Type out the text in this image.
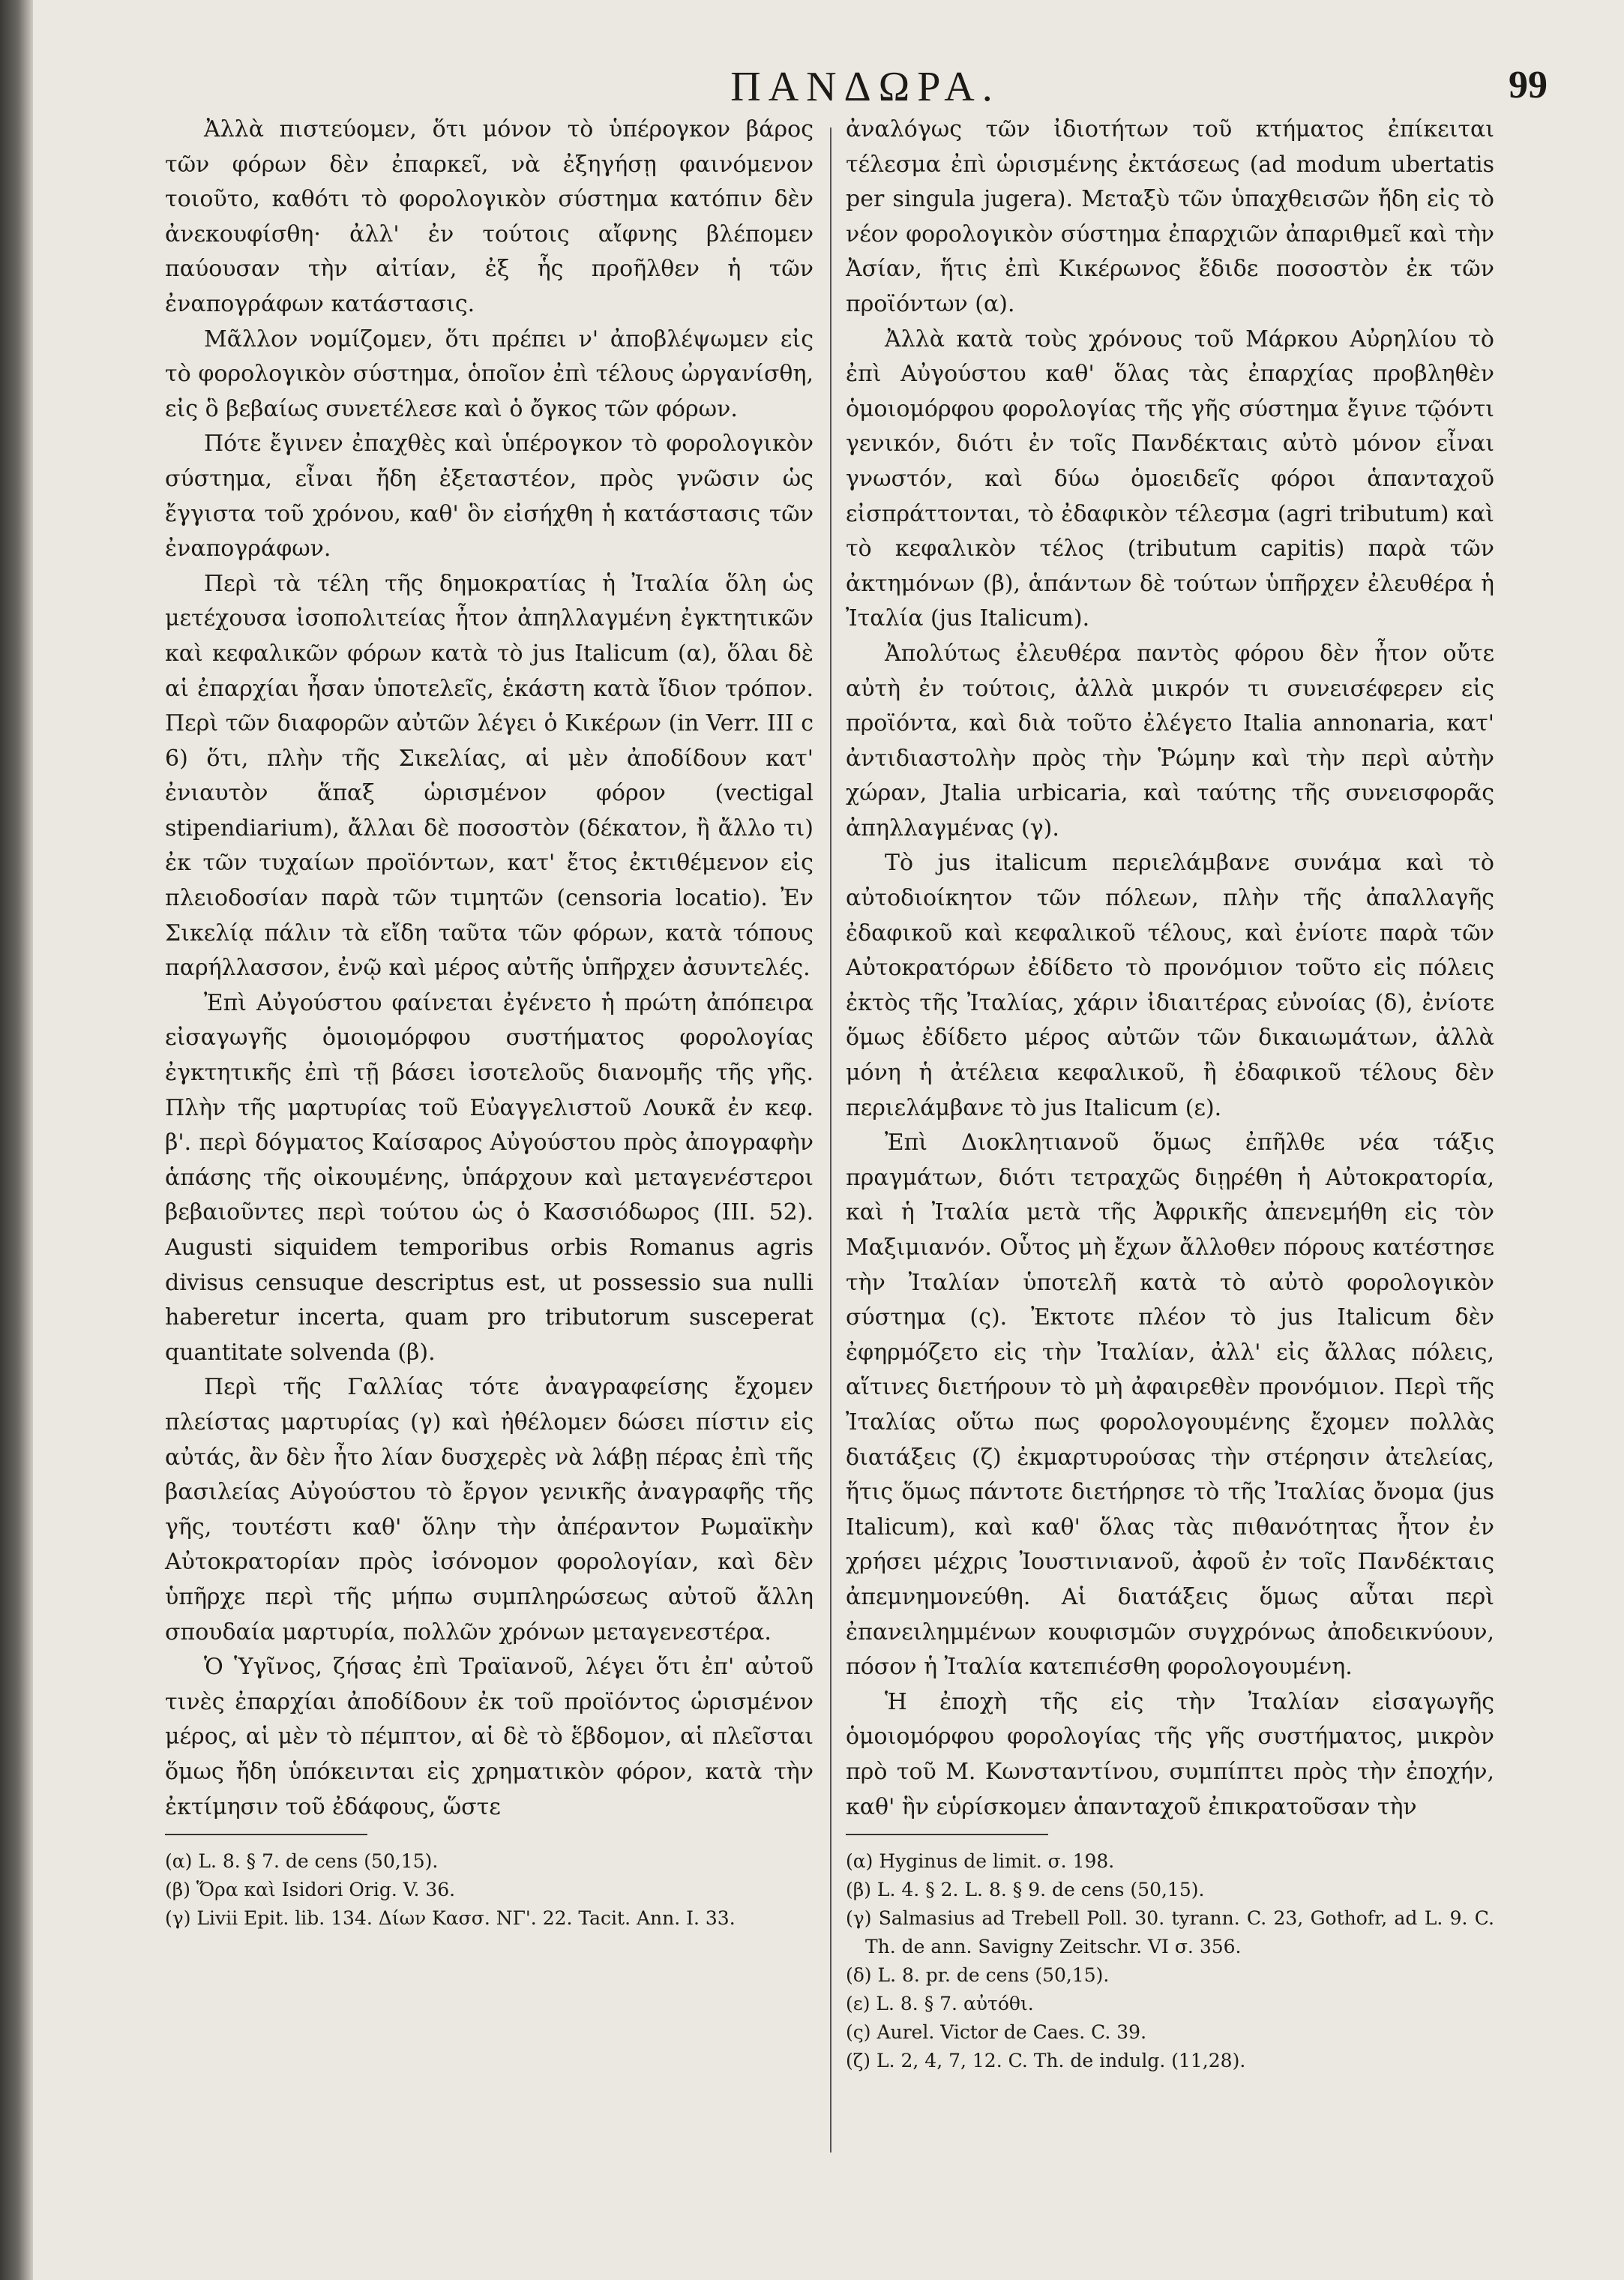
ΠΑΝΔΩΡΑ.	99

Ἀλλὰ πιστεύομεν, ὅτι μόνον τὸ ὑπέρογκον βάρος τῶν φόρων δὲν ἐπαρκεῖ, νὰ ἐξηγήσῃ φαινόμενον τοιοῦτο, καθότι τὸ φορολογικὸν σύστημα κατόπιν δὲν ἀνεκουφίσθη· ἀλλ' ἐν τούτοις αἴφνης βλέπομεν παύουσαν τὴν αἰτίαν, ἐξ ἧς προῆλθεν ἡ τῶν ἐναπογράφων κατάστασις.

Μᾶλλον νομίζομεν, ὅτι πρέπει ν' ἀποβλέψωμεν εἰς τὸ φορολογικὸν σύστημα, ὁποῖον ἐπὶ τέλους ὠργανίσθη, εἰς ὃ βεβαίως συνετέλεσε καὶ ὁ ὄγκος τῶν φόρων.

Πότε ἔγινεν ἐπαχθὲς καὶ ὑπέρογκον τὸ φορολογικὸν σύστημα, εἶναι ἤδη ἐξεταστέον, πρὸς γνῶσιν ὡς ἔγγιστα τοῦ χρόνου, καθ' ὃν εἰσήχθη ἡ κατάστασις τῶν ἐναπογράφων.

Περὶ τὰ τέλη τῆς δημοκρατίας ἡ Ἰταλία ὅλη ὡς μετέχουσα ἰσοπολιτείας ἦτον ἀπηλλαγμένη ἐγκτητικῶν καὶ κεφαλικῶν φόρων κατὰ τὸ jus Italicum (α), ὅλαι δὲ αἱ ἐπαρχίαι ἦσαν ὑποτελεῖς, ἑκάστη κατὰ ἴδιον τρόπον. Περὶ τῶν διαφορῶν αὐτῶν λέγει ὁ Κικέρων (in Verr. III c 6) ὅτι, πλὴν τῆς Σικελίας, αἱ μὲν ἀποδίδουν κατ' ἐνιαυτὸν ἅπαξ ὡρισμένον φόρον (vectigal stipendiarium), ἄλλαι δὲ ποσοστὸν (δέκατον, ἢ ἄλλο τι) ἐκ τῶν τυχαίων προϊόντων, κατ' ἔτος ἐκτιθέμενον εἰς πλειοδοσίαν παρὰ τῶν τιμητῶν (censoria locatio). Ἐν Σικελίᾳ πάλιν τὰ εἴδη ταῦτα τῶν φόρων, κατὰ τόπους παρήλλασσον, ἐνῷ καὶ μέρος αὐτῆς ὑπῆρχεν ἀσυντελές.

Ἐπὶ Αὐγούστου φαίνεται ἐγένετο ἡ πρώτη ἀπόπειρα εἰσαγωγῆς ὁμοιομόρφου συστήματος φορολογίας ἐγκτητικῆς ἐπὶ τῇ βάσει ἰσοτελοῦς διανομῆς τῆς γῆς. Πλὴν τῆς μαρτυρίας τοῦ Εὐαγγελιστοῦ Λουκᾶ ἐν κεφ. β'. περὶ δόγματος Καίσαρος Αὐγούστου πρὸς ἀπογραφὴν ἁπάσης τῆς οἰκουμένης, ὑπάρχουν καὶ μεταγενέστεροι βεβαιοῦντες περὶ τούτου ὡς ὁ Κασσιόδωρος (III. 52). Augusti siquidem temporibus orbis Romanus agris divisus censuque descriptus est, ut possessio sua nulli haberetur incerta, quam pro tributorum susceperat quantitate solvenda (β).

Περὶ τῆς Γαλλίας τότε ἀναγραφείσης ἔχομεν πλείστας μαρτυρίας (γ) καὶ ἠθέλομεν δώσει πίστιν εἰς αὐτάς, ἂν δὲν ἦτο λίαν δυσχερὲς νὰ λάβῃ πέρας ἐπὶ τῆς βασιλείας Αὐγούστου τὸ ἔργον γενικῆς ἀναγραφῆς τῆς γῆς, τουτέστι καθ' ὅλην τὴν ἀπέραντον Ρωμαϊκὴν Αὐτοκρατορίαν πρὸς ἰσόνομον φορολογίαν, καὶ δὲν ὑπῆρχε περὶ τῆς μήπω συμπληρώσεως αὐτοῦ ἄλλη σπουδαία μαρτυρία, πολλῶν χρόνων μεταγενεστέρα.

Ὁ Ὑγῖνος, ζήσας ἐπὶ Τραϊανοῦ, λέγει ὅτι ἐπ' αὐτοῦ τινὲς ἐπαρχίαι ἀποδίδουν ἐκ τοῦ προϊόντος ὡρισμένον μέρος, αἱ μὲν τὸ πέμπτον, αἱ δὲ τὸ ἕβδομον, αἱ πλεῖσται ὅμως ἤδη ὑπόκεινται εἰς χρηματικὸν φόρον, κατὰ τὴν ἐκτίμησιν τοῦ ἐδάφους, ὥστε

(α) L. 8. § 7. de cens (50,15).

(β) Ὅρα καὶ Isidori Orig. V. 36.

(γ) Livii Epit. lib. 134. Δίων Κασσ. ΝΓ'. 22. Tacit. Ann. I. 33.

ἀναλόγως τῶν ἰδιοτήτων τοῦ κτήματος ἐπίκειται τέλεσμα ἐπὶ ὡρισμένης ἐκτάσεως (ad modum ubertatis per singula jugera). Μεταξὺ τῶν ὑπαχθεισῶν ἤδη εἰς τὸ νέον φορολογικὸν σύστημα ἐπαρχιῶν ἀπαριθμεῖ καὶ τὴν Ἀσίαν, ἥτις ἐπὶ Κικέρωνος ἔδιδε ποσοστὸν ἐκ τῶν προϊόντων (α).

Ἀλλὰ κατὰ τοὺς χρόνους τοῦ Μάρκου Αὐρηλίου τὸ ἐπὶ Αὐγούστου καθ' ὅλας τὰς ἐπαρχίας προβληθὲν ὁμοιομόρφου φορολογίας τῆς γῆς σύστημα ἔγινε τῷόντι γενικόν, διότι ἐν τοῖς Πανδέκταις αὐτὸ μόνον εἶναι γνωστόν, καὶ δύω ὁμοειδεῖς φόροι ἁπανταχοῦ εἰσπράττονται, τὸ ἐδαφικὸν τέλεσμα (agri tributum) καὶ τὸ κεφαλικὸν τέλος (tributum capitis) παρὰ τῶν ἀκτημόνων (β), ἁπάντων δὲ τούτων ὑπῆρχεν ἐλευθέρα ἡ Ἰταλία (jus Italicum).

Ἀπολύτως ἐλευθέρα παντὸς φόρου δὲν ἦτον οὔτε αὐτὴ ἐν τούτοις, ἀλλὰ μικρόν τι συνεισέφερεν εἰς προϊόντα, καὶ διὰ τοῦτο ἐλέγετο Italia annonaria, κατ' ἀντιδιαστολὴν πρὸς τὴν Ῥώμην καὶ τὴν περὶ αὐτὴν χώραν, Jtalia urbicaria, καὶ ταύτης τῆς συνεισφορᾶς ἀπηλλαγμένας (γ).

Τὸ jus italicum περιελάμβανε συνάμα καὶ τὸ αὐτοδιοίκητον τῶν πόλεων, πλὴν τῆς ἀπαλλαγῆς ἐδαφικοῦ καὶ κεφαλικοῦ τέλους, καὶ ἐνίοτε παρὰ τῶν Αὐτοκρατόρων ἐδίδετο τὸ προνόμιον τοῦτο εἰς πόλεις ἐκτὸς τῆς Ἰταλίας, χάριν ἰδιαιτέρας εὐνοίας (δ), ἐνίοτε ὅμως ἐδίδετο μέρος αὐτῶν τῶν δικαιωμάτων, ἀλλὰ μόνη ἡ ἀτέλεια κεφαλικοῦ, ἢ ἐδαφικοῦ τέλους δὲν περιελάμβανε τὸ jus Italicum (ε).

Ἐπὶ Διοκλητιανοῦ ὅμως ἐπῆλθε νέα τάξις πραγμάτων, διότι τετραχῶς διῃρέθη ἡ Αὐτοκρατορία, καὶ ἡ Ἰταλία μετὰ τῆς Ἀφρικῆς ἀπενεμήθη εἰς τὸν Μαξιμιανόν. Οὗτος μὴ ἔχων ἄλλοθεν πόρους κατέστησε τὴν Ἰταλίαν ὑποτελῆ κατὰ τὸ αὐτὸ φορολογικὸν σύστημα (ς). Ἐκτοτε πλέον τὸ jus Italicum δὲν ἐφηρμόζετο εἰς τὴν Ἰταλίαν, ἀλλ' εἰς ἄλλας πόλεις, αἵτινες διετήρουν τὸ μὴ ἀφαιρεθὲν προνόμιον. Περὶ τῆς Ἰταλίας οὕτω πως φορολογουμένης ἔχομεν πολλὰς διατάξεις (ζ) ἐκμαρτυρούσας τὴν στέρησιν ἀτελείας, ἥτις ὅμως πάντοτε διετήρησε τὸ τῆς Ἰταλίας ὄνομα (jus Italicum), καὶ καθ' ὅλας τὰς πιθανότητας ἦτον ἐν χρήσει μέχρις Ἰουστινιανοῦ, ἀφοῦ ἐν τοῖς Πανδέκταις ἀπεμνημονεύθη. Αἱ διατάξεις ὅμως αὗται περὶ ἐπανειλημμένων κουφισμῶν συγχρόνως ἀποδεικνύουν, πόσον ἡ Ἰταλία κατεπιέσθη φορολογουμένη.

Ἡ ἐποχὴ τῆς εἰς τὴν Ἰταλίαν εἰσαγωγῆς ὁμοιομόρφου φορολογίας τῆς γῆς συστήματος, μικρὸν πρὸ τοῦ Μ. Κωνσταντίνου, συμπίπτει πρὸς τὴν ἐποχήν, καθ' ἣν εὑρίσκομεν ἁπανταχοῦ ἐπικρατοῦσαν τὴν

(α) Hyginus de limit. σ. 198.

(β) L. 4. § 2. L. 8. § 9. de cens (50,15).

(γ) Salmasius ad Trebell Poll. 30. tyrann. C. 23, Gothofr, ad L. 9. C. Th. de ann. Savigny Zeitschr. VI σ. 356.

(δ) L. 8. pr. de cens (50,15).

(ε) L. 8. § 7. αὐτόθι.

(ς) Aurel. Victor de Caes. C. 39.

(ζ) L. 2, 4, 7, 12. C. Th. de indulg. (11,28).
